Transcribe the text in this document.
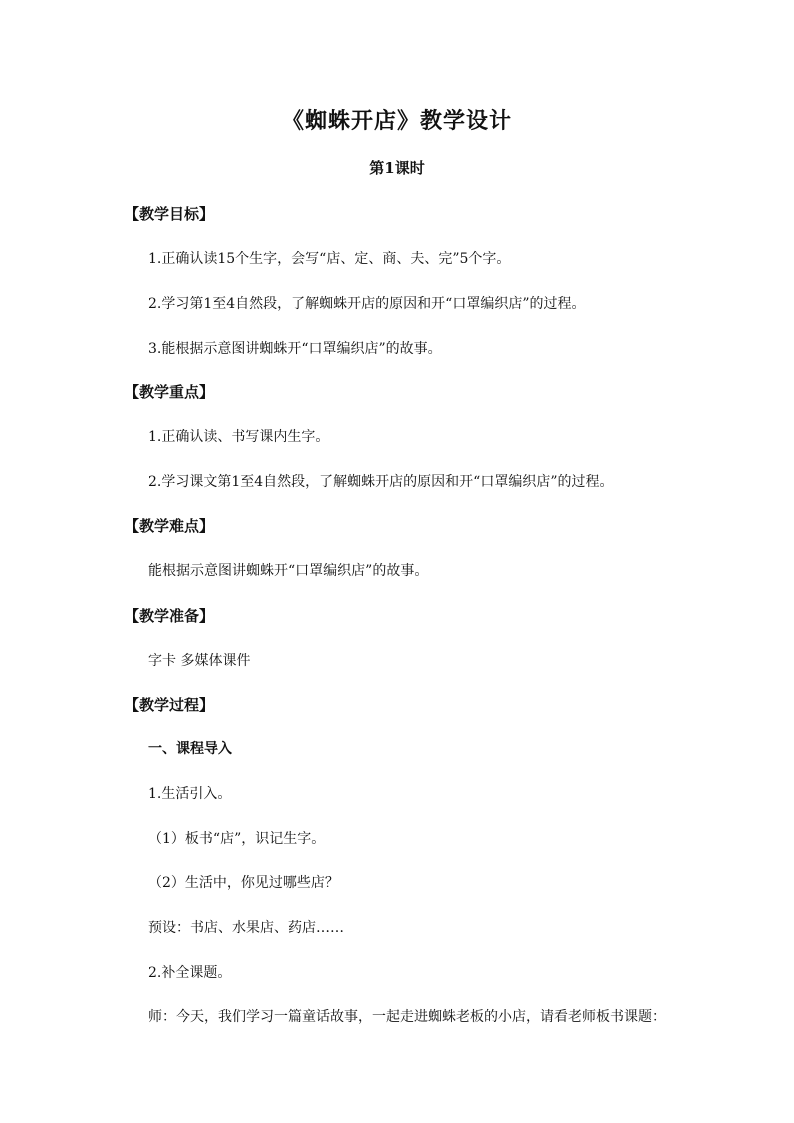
《蜘蛛开店》教学设计
第1课时
【教学目标】
1.正确认读15个生字，会写“店、定、商、夫、完”5个字。
2.学习第1至4自然段，了解蜘蛛开店的原因和开“口罩编织店”的过程。
3.能根据示意图讲蜘蛛开“口罩编织店”的故事。
【教学重点】
1.正确认读、书写课内生字。
2.学习课文第1至4自然段，了解蜘蛛开店的原因和开“口罩编织店”的过程。
【教学难点】
能根据示意图讲蜘蛛开“口罩编织店”的故事。
【教学准备】
字卡 多媒体课件
【教学过程】
一、课程导入
1.生活引入。
（1）板书“店”，识记生字。
（2）生活中，你见过哪些店？
预设：书店、水果店、药店……
2.补全课题。
师：今天，我们学习一篇童话故事，一起走进蜘蛛老板的小店，请看老师板书课题：
